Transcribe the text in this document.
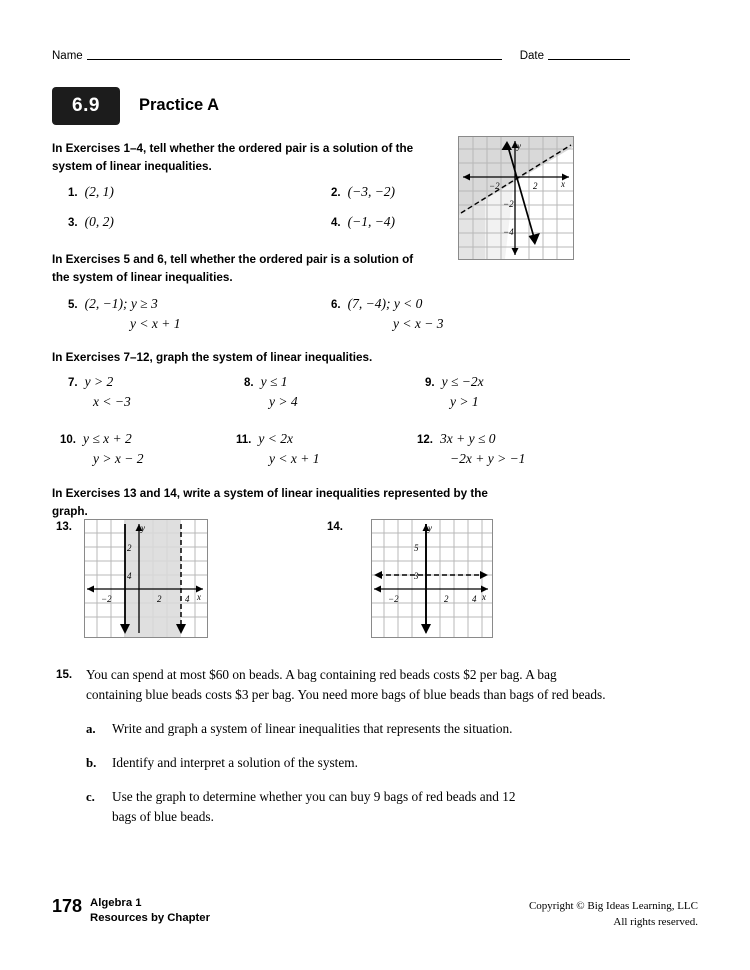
Name	Date
6.9	Practice A
In Exercises 1–4, tell whether the ordered pair is a solution of the system of linear inequalities.
−2	2	x
y
−2
−4
1. (2, 1)	2. (−3, −2)
3. (0, 2)	4. (−1, −4)
In Exercises 5 and 6, tell whether the ordered pair is a solution of the system of linear inequalities.
5. (2, −1); y ≥ 3
y < x + 1
6. (7, −4); y < 0
y < x − 3
In Exercises 7–12, graph the system of linear inequalities.
7. y > 2
x < −3
8. y ≤ 1
y > 4
9. y ≤ −2x
y > 1
10. y ≤ x + 2
y > x − 2
11. y < 2x
y < x + 1
12. 3x + y ≤ 0
−2x + y > −1
In Exercises 13 and 14, write a system of linear inequalities represented by the graph.
13.	y
4
2
−2	2	4 x
14.	y
5
3
−2	2	4 x
15.	You can spend at most $60 on beads. A bag containing red beads costs $2 per bag. A bag containing blue beads costs $3 per bag. You need more bags of blue beads than bags of red beads.
a.	Write and graph a system of linear inequalities that represents the situation.
b.	Identify and interpret a solution of the system.
c.	Use the graph to determine whether you can buy 9 bags of red beads and 12 bags of blue beads.
178 Algebra 1
Resources by Chapter
Copyright © Big Ideas Learning, LLC
All rights reserved.
